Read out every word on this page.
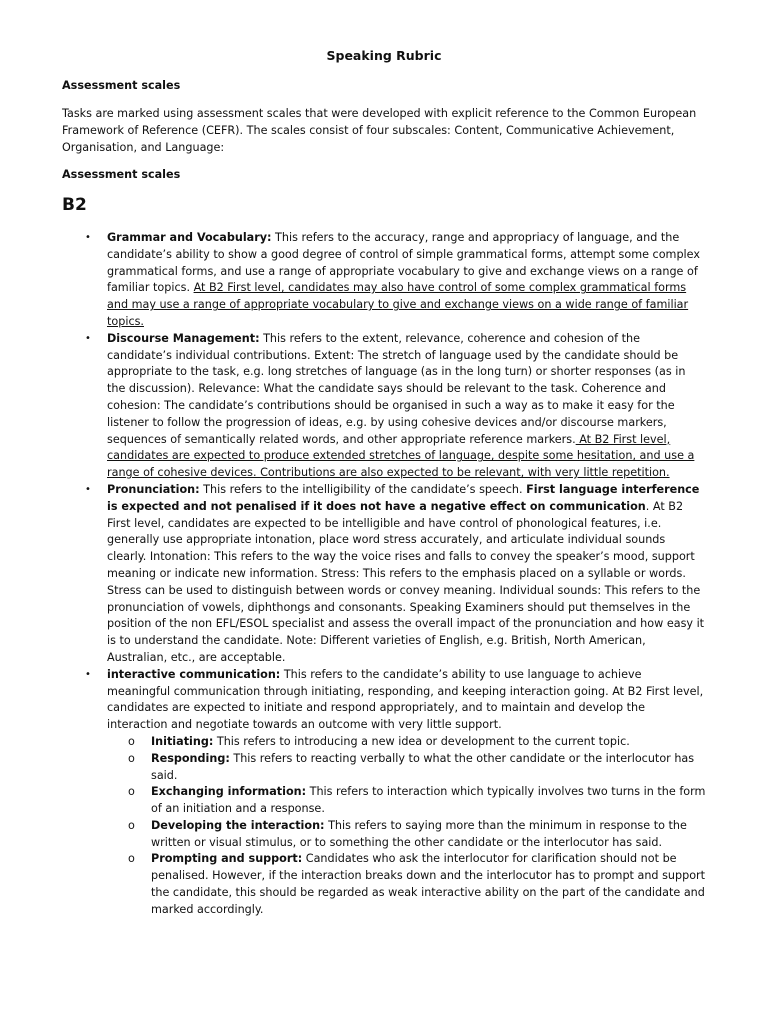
Speaking Rubric
Assessment scales
Tasks are marked using assessment scales that were developed with explicit reference to the Common European Framework of Reference (CEFR). The scales consist of four subscales: Content, Communicative Achievement, Organisation, and Language:
Assessment scales
B2
• Grammar and Vocabulary: This refers to the accuracy, range and appropriacy of language, and the candidate’s ability to show a good degree of control of simple grammatical forms, attempt some complex grammatical forms, and use a range of appropriate vocabulary to give and exchange views on a range of familiar topics. At B2 First level, candidates may also have control of some complex grammatical forms and may use a range of appropriate vocabulary to give and exchange views on a wide range of familiar topics.
• Discourse Management: This refers to the extent, relevance, coherence and cohesion of the candidate’s individual contributions. Extent: The stretch of language used by the candidate should be appropriate to the task, e.g. long stretches of language (as in the long turn) or shorter responses (as in the discussion). Relevance: What the candidate says should be relevant to the task. Coherence and cohesion: The candidate’s contributions should be organised in such a way as to make it easy for the listener to follow the progression of ideas, e.g. by using cohesive devices and/or discourse markers, sequences of semantically related words, and other appropriate reference markers. At B2 First level, candidates are expected to produce extended stretches of language, despite some hesitation, and use a range of cohesive devices. Contributions are also expected to be relevant, with very little repetition.
• Pronunciation: This refers to the intelligibility of the candidate’s speech. First language interference is expected and not penalised if it does not have a negative effect on communication. At B2 First level, candidates are expected to be intelligible and have control of phonological features, i.e. generally use appropriate intonation, place word stress accurately, and articulate individual sounds clearly. Intonation: This refers to the way the voice rises and falls to convey the speaker’s mood, support meaning or indicate new information. Stress: This refers to the emphasis placed on a syllable or words. Stress can be used to distinguish between words or convey meaning. Individual sounds: This refers to the pronunciation of vowels, diphthongs and consonants. Speaking Examiners should put themselves in the position of the non EFL/ESOL specialist and assess the overall impact of the pronunciation and how easy it is to understand the candidate. Note: Different varieties of English, e.g. British, North American, Australian, etc., are acceptable.
• interactive communication: This refers to the candidate’s ability to use language to achieve meaningful communication through initiating, responding, and keeping interaction going. At B2 First level, candidates are expected to initiate and respond appropriately, and to maintain and develop the interaction and negotiate towards an outcome with very little support.
o Initiating: This refers to introducing a new idea or development to the current topic.
o Responding: This refers to reacting verbally to what the other candidate or the interlocutor has said.
o Exchanging information: This refers to interaction which typically involves two turns in the form of an initiation and a response.
o Developing the interaction: This refers to saying more than the minimum in response to the written or visual stimulus, or to something the other candidate or the interlocutor has said.
o Prompting and support: Candidates who ask the interlocutor for clarification should not be penalised. However, if the interaction breaks down and the interlocutor has to prompt and support the candidate, this should be regarded as weak interactive ability on the part of the candidate and marked accordingly.
